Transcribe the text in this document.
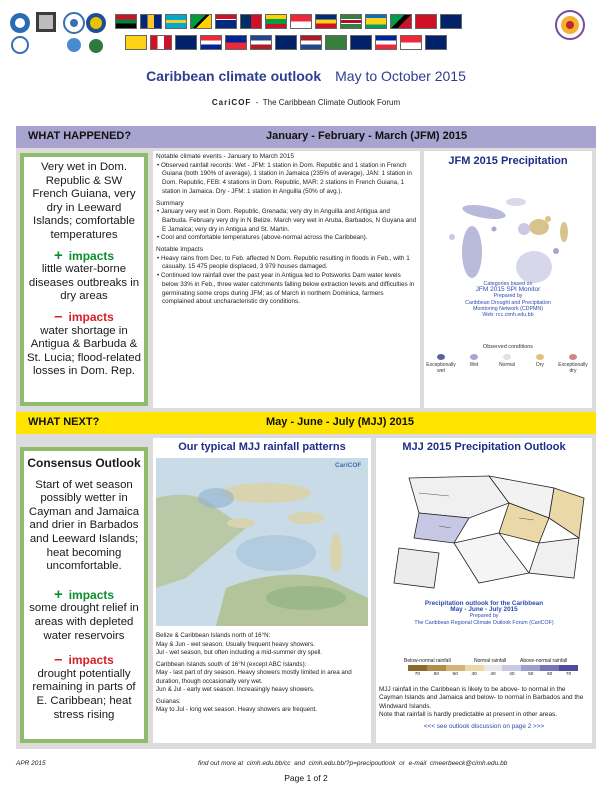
Caribbean climate outlook May to October 2015
CariCOF - The Caribbean Climate Outlook Forum
WHAT HAPPENED?	January - February - March (JFM) 2015
Very wet in Dom. Republic & SW French Guiana, very dry in Leeward Islands; comfortable temperatures
+ impacts
little water-borne diseases outbreaks in dry areas
– impacts
water shortage in Antigua & Barbuda & St. Lucia; flood-related losses in Dom. Rep.
Notable climate events - January to March 2015
• Observed rainfall records: Wet - JFM: 1 station in Dom. Republic and 1 station in French Guiana (both 190% of average), 1 station in Jamaica (235% of average), JAN: 1 station in Dom. Republic, FEB: 4 stations in Dom. Republic, MAR: 2 stations in French Guiana, 1 station in Jamaica. Dry - JFM: 1 station in Anguilla (50% of avg.).
Summary
• January very wet in Dom. Republic, Grenada; very dry in Anguilla and Antigua and Barbuda. February very dry in N Belize. March very wet in Aruba, Barbados, N Guyana and E Jamaica; very dry in Antigua and St. Martin.
• Cool and comfortable temperatures (above-normal across the Caribbean).
Notable Impacts
• Heavy rains from Dec. to Feb. affected N Dom. Republic resulting in floods in Feb., with 1 casualty. 15 475 people displaced, 3 979 houses damaged.
• Continued low rainfall over the past year in Antigua led to Potsworks Dam water levels below 33% in Feb., three water catchments falling below extraction levels and difficulties in germinating some crops during JFM; as of March in northern Dominica, farmers complained about uncharacteristic dry conditions.
JFM 2015 Precipitation
Categories based on
JFM 2015 SPI Monitor
Prepared by
Caribbean Drought and Precipitation
Monitoring Network (CDPMN)
Web: rcc.cimh.edu.bb
Observed conditions
Exceptionally wet
Wet	Normal	Dry	Exceptionally dry
WHAT NEXT?	May - June - July (MJJ) 2015
Consensus Outlook
Start of wet season possibly wetter in Cayman and Jamaica and drier in Barbados and Leeward Islands; heat becoming uncomfortable.
+ impacts
some drought relief in areas with depleted water reservoirs
– impacts
drought potentially remaining in parts of E. Caribbean; heat stress rising
Our typical MJJ rainfall patterns
CariCOF
Belize & Caribbean Islands north of 16°N:
May & Jun - wet season. Usually frequent heavy showers.
Jul - wet season, but often including a mid-summer dry spell.
Caribbean Islands south of 16°N (except ABC Islands):
May - last part of dry season. Heavy showers mostly limited in area and duration, though occasionally very wet.
Jun & Jul - early wet season. Increasingly heavy showers.
Guianas:
May to Jul - long wet season. Heavy showers are frequent.
MJJ 2015 Precipitation Outlook
Precipitation outlook for the Caribbean
May - June - July 2015
Prepared by
The Caribbean Regional Climate Outlook Forum (CariCOF)
Below-normal rainfall	Normal rainfall	Above-normal rainfall
70	60	50	40	40	40	50	60	70
MJJ rainfall in the Caribbean is likely to be above- to normal in the Cayman Islands and Jamaica and below- to normal in Barbados and the Windward Islands.
Note that rainfall is hardly predictable at present in other areas.
<<< see outlook discussion on page 2 >>>
APR 2015	find out more at cimh.edu.bb/cc and cimh.edu.bb/?p=precipoutlook or e-mail cmeerbeeck@cimh.edu.bb
Page 1 of 2
